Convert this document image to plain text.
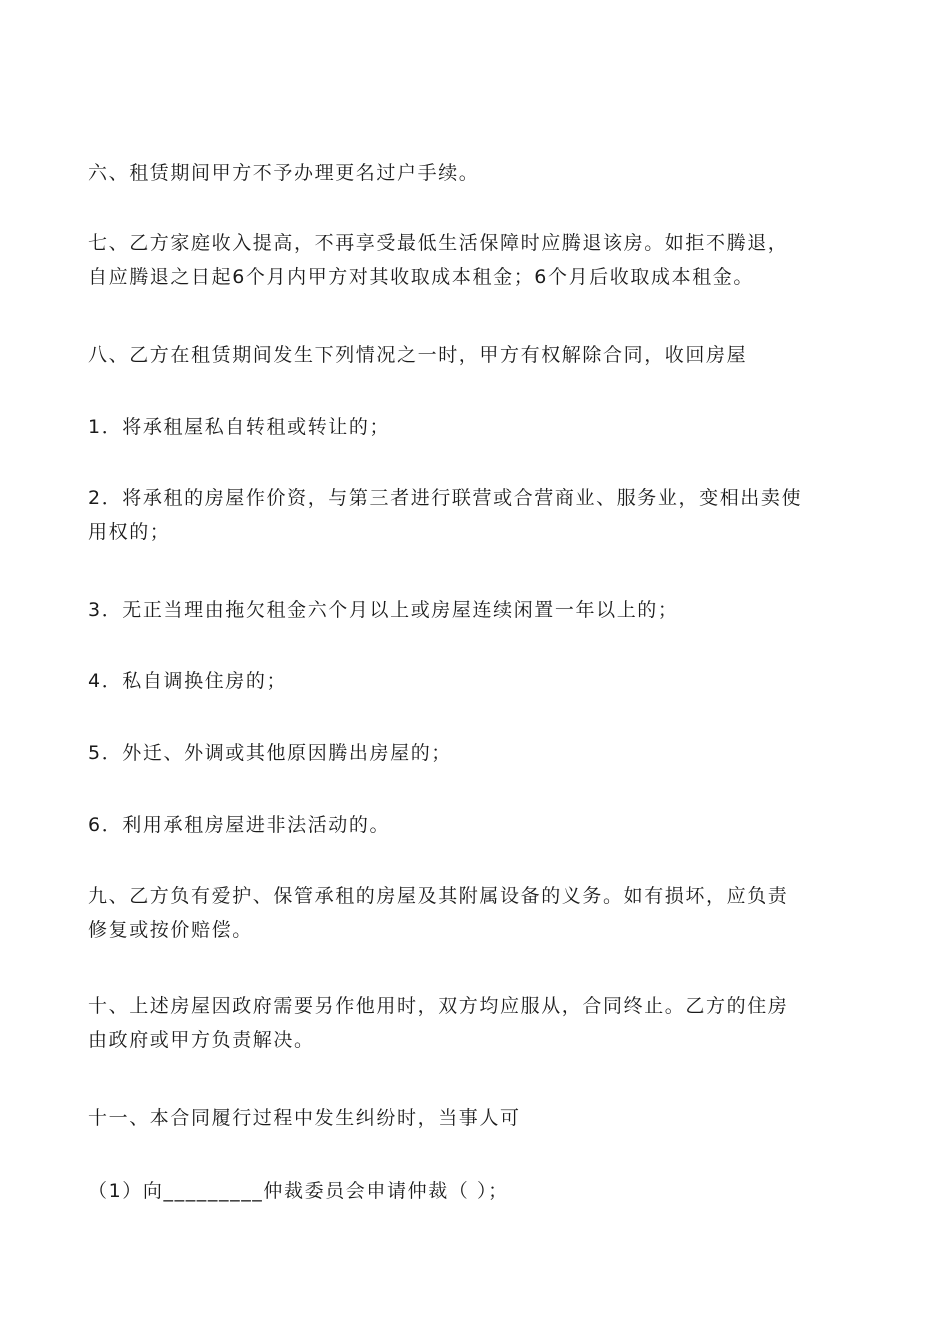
六、租赁期间甲方不予办理更名过户手续。

七、乙方家庭收入提高，不再享受最低生活保障时应腾退该房。如拒不腾退，
自应腾退之日起6个月内甲方对其收取成本租金；6个月后收取成本租金。

八、乙方在租赁期间发生下列情况之一时，甲方有权解除合同，收回房屋

1．将承租屋私自转租或转让的；

2．将承租的房屋作价资，与第三者进行联营或合营商业、服务业，变相出卖使
用权的；

3．无正当理由拖欠租金六个月以上或房屋连续闲置一年以上的；

4．私自调换住房的；

5．外迁、外调或其他原因腾出房屋的；

6．利用承租房屋进非法活动的。

九、乙方负有爱护、保管承租的房屋及其附属设备的义务。如有损坏，应负责
修复或按价赔偿。

十、上述房屋因政府需要另作他用时，双方均应服从，合同终止。乙方的住房
由政府或甲方负责解决。

十一、本合同履行过程中发生纠纷时，当事人可

（1）向_________仲裁委员会申请仲裁（ ）；
